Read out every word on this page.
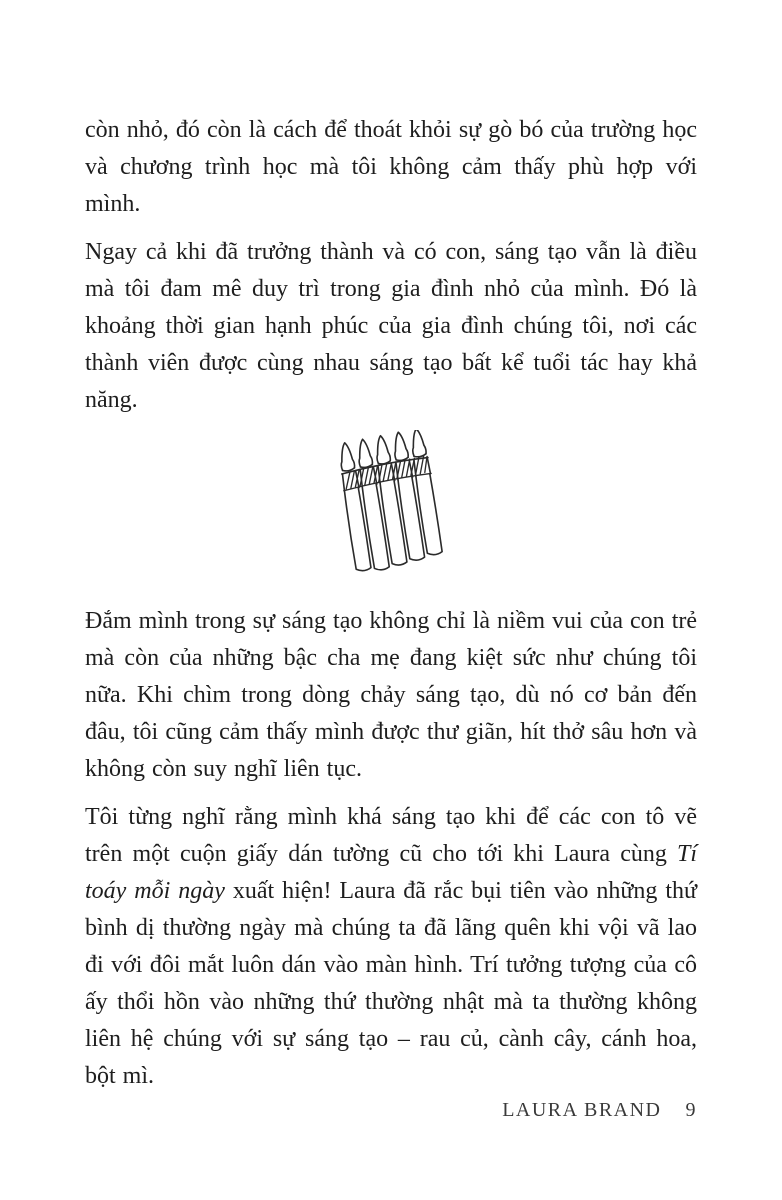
còn nhỏ, đó còn là cách để thoát khỏi sự gò bó của trường học và chương trình học mà tôi không cảm thấy phù hợp với mình.

Ngay cả khi đã trưởng thành và có con, sáng tạo vẫn là điều mà tôi đam mê duy trì trong gia đình nhỏ của mình. Đó là khoảng thời gian hạnh phúc của gia đình chúng tôi, nơi các thành viên được cùng nhau sáng tạo bất kể tuổi tác hay khả năng.

Đắm mình trong sự sáng tạo không chỉ là niềm vui của con trẻ mà còn của những bậc cha mẹ đang kiệt sức như chúng tôi nữa. Khi chìm trong dòng chảy sáng tạo, dù nó cơ bản đến đâu, tôi cũng cảm thấy mình được thư giãn, hít thở sâu hơn và không còn suy nghĩ liên tục.

Tôi từng nghĩ rằng mình khá sáng tạo khi để các con tô vẽ trên một cuộn giấy dán tường cũ cho tới khi Laura cùng Tí toáy mỗi ngày xuất hiện! Laura đã rắc bụi tiên vào những thứ bình dị thường ngày mà chúng ta đã lãng quên khi vội vã lao đi với đôi mắt luôn dán vào màn hình. Trí tưởng tượng của cô ấy thổi hồn vào những thứ thường nhật mà ta thường không liên hệ chúng với sự sáng tạo – rau củ, cành cây, cánh hoa, bột mì.

LAURA BRAND 9
